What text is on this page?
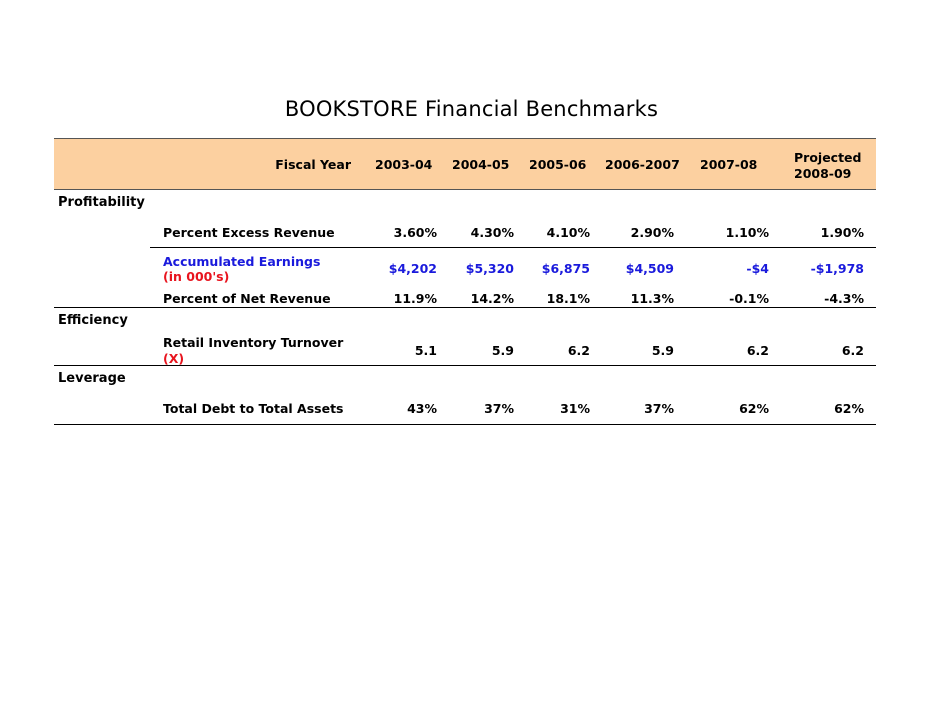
BOOKSTORE Financial Benchmarks
Fiscal Year 2003-04 2004-05 2005-06 2006-2007 2007-08	Projected
2008-09
Profitability
Percent Excess Revenue	3.60%	4.30%	4.10%	2.90%	1.10%	1.90%
Accumulated Earnings
(in 000's)
$4,202	$5,320	$6,875	$4,509	-$4	-$1,978
Percent of Net Revenue	11.9%	14.2%	18.1%	11.3%	-0.1%	-4.3%
Efficiency
Retail Inventory Turnover
(X)
5.1	5.9	6.2	5.9	6.2	6.2
Leverage
Total Debt to Total Assets	43%	37%	31%	37%	62%	62%
